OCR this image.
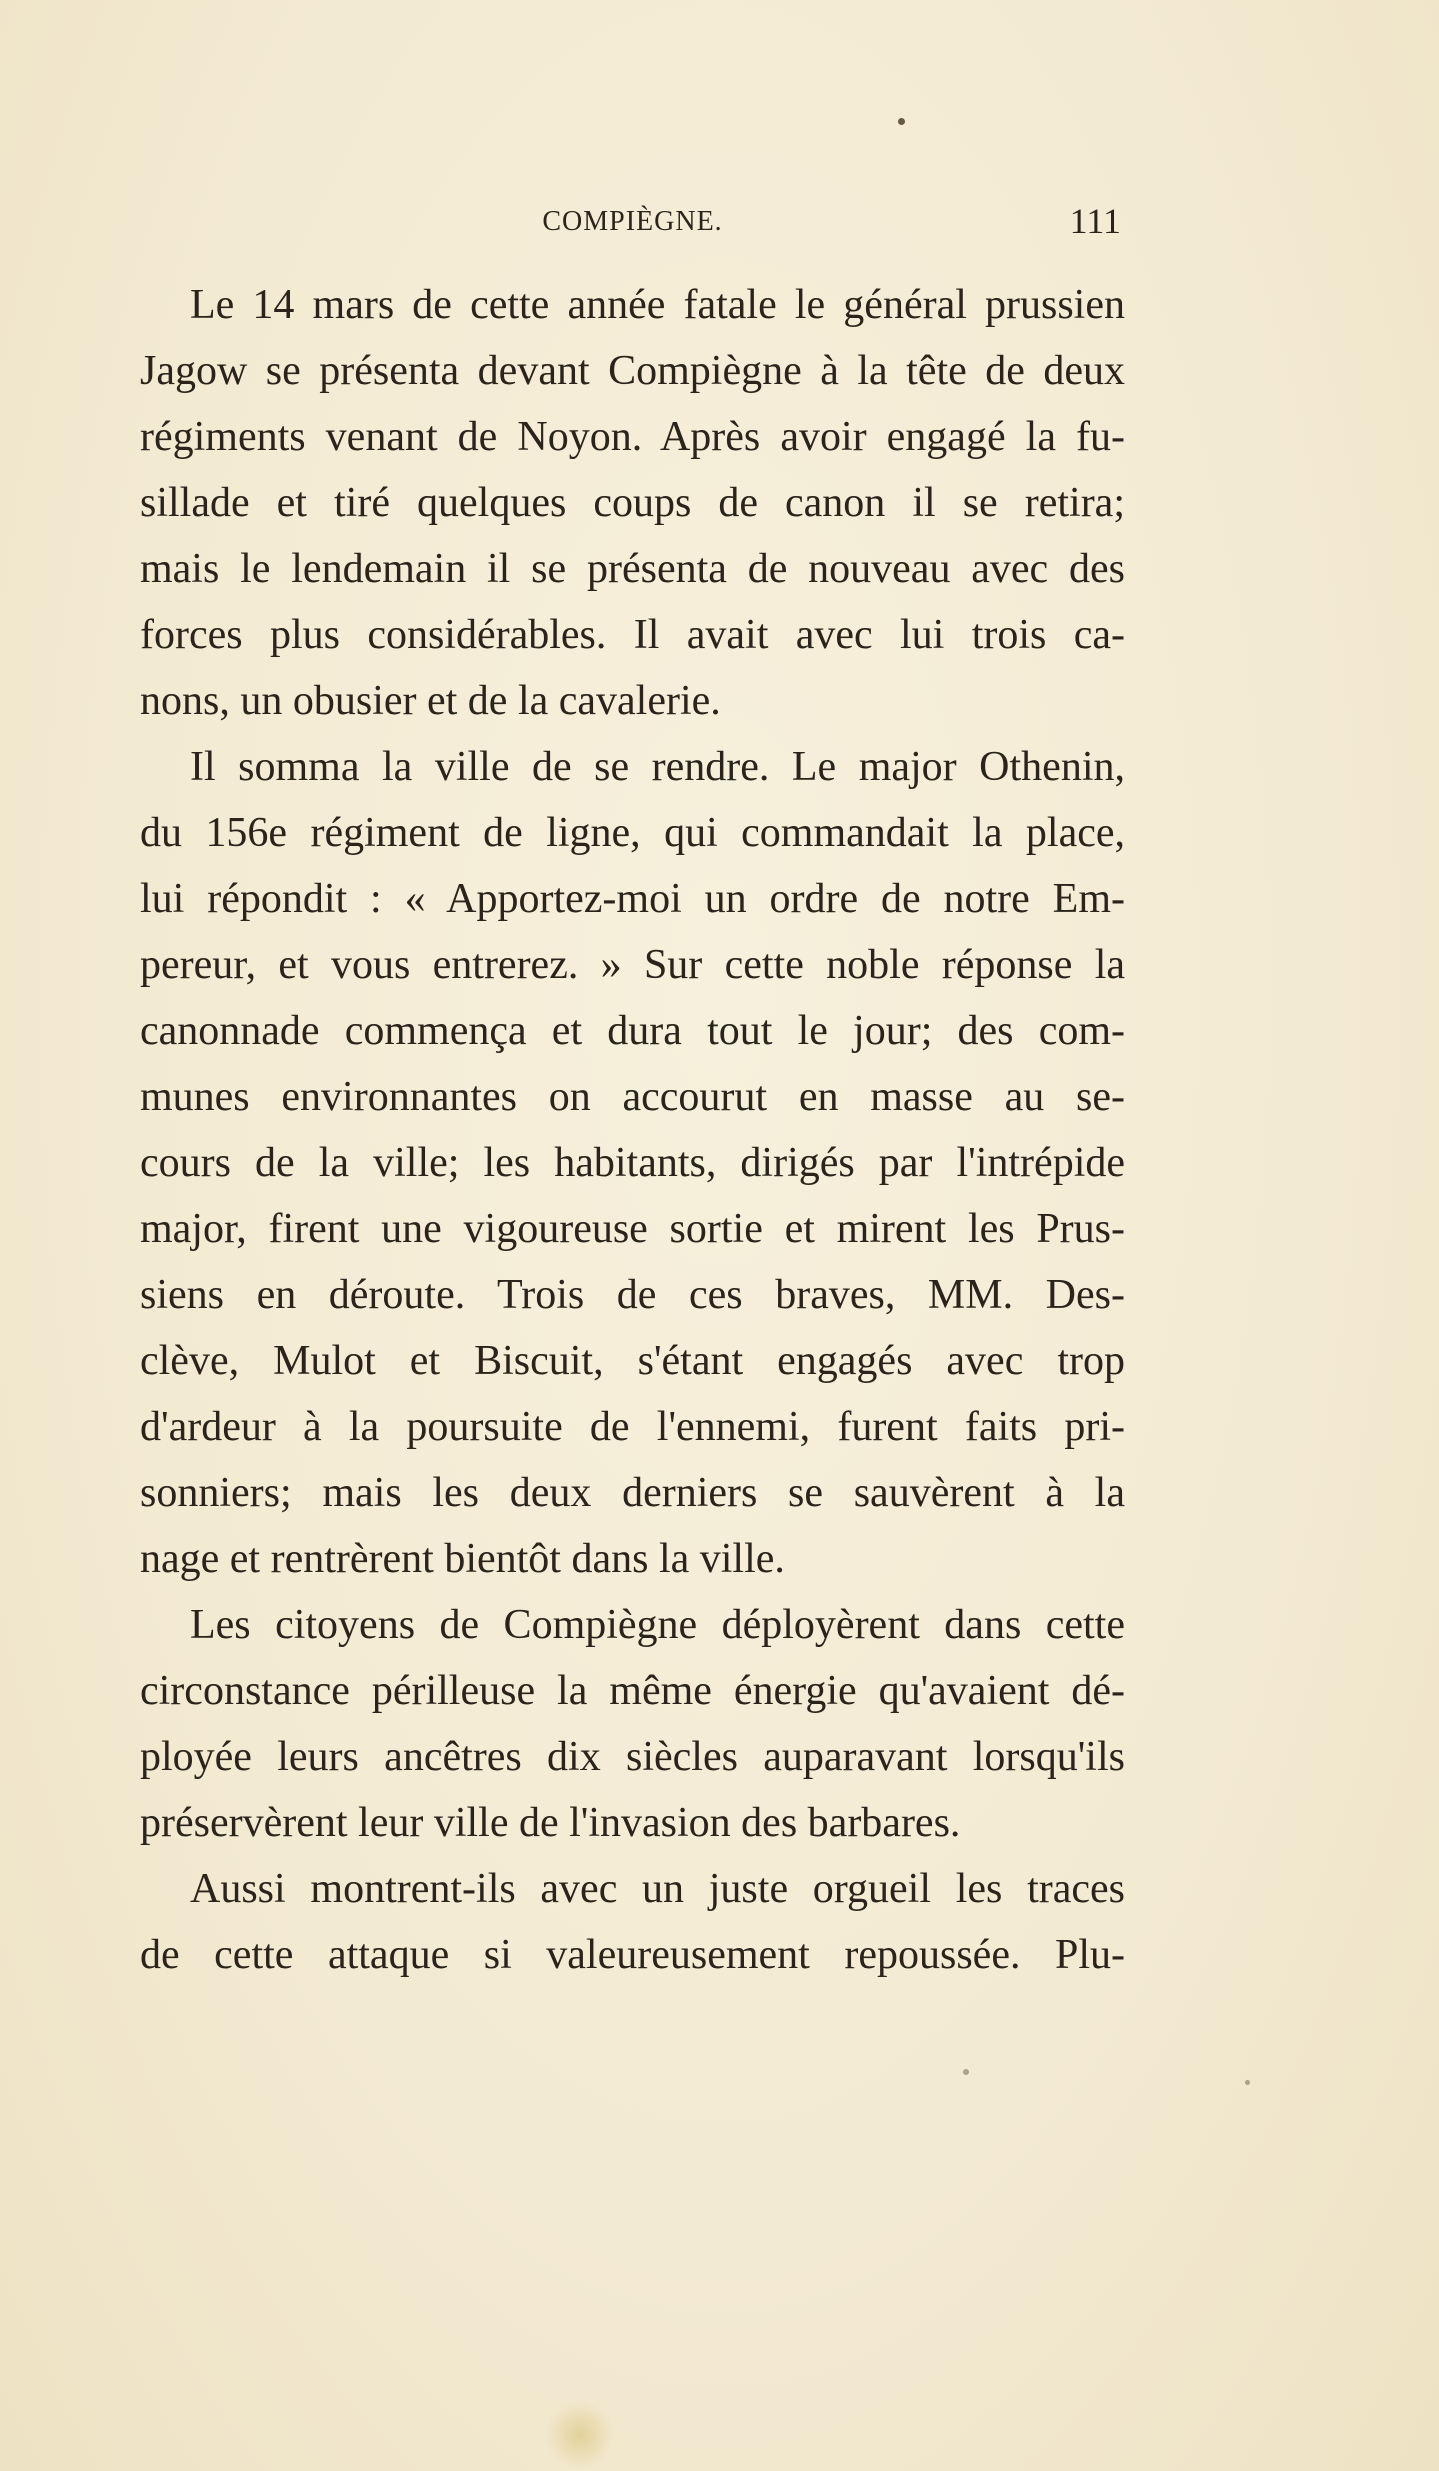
COMPIÈGNE.	111
Le 14 mars de cette année fatale le général prussien
Jagow se présenta devant Compiègne à la tête de deux
régiments venant de Noyon. Après avoir engagé la fu-
sillade et tiré quelques coups de canon il se retira;
mais le lendemain il se présenta de nouveau avec des
forces plus considérables. Il avait avec lui trois ca-
nons, un obusier et de la cavalerie.
Il somma la ville de se rendre. Le major Othenin,
du 156e régiment de ligne, qui commandait la place,
lui répondit : « Apportez-moi un ordre de notre Em-
pereur, et vous entrerez. » Sur cette noble réponse la
canonnade commença et dura tout le jour; des com-
munes environnantes on accourut en masse au se-
cours de la ville; les habitants, dirigés par l'intrépide
major, firent une vigoureuse sortie et mirent les Prus-
siens en déroute. Trois de ces braves, MM. Des-
clève, Mulot et Biscuit, s'étant engagés avec trop
d'ardeur à la poursuite de l'ennemi, furent faits pri-
sonniers; mais les deux derniers se sauvèrent à la
nage et rentrèrent bientôt dans la ville.
Les citoyens de Compiègne déployèrent dans cette
circonstance périlleuse la même énergie qu'avaient dé-
ployée leurs ancêtres dix siècles auparavant lorsqu'ils
préservèrent leur ville de l'invasion des barbares.
Aussi montrent-ils avec un juste orgueil les traces
de cette attaque si valeureusement repoussée. Plu-
